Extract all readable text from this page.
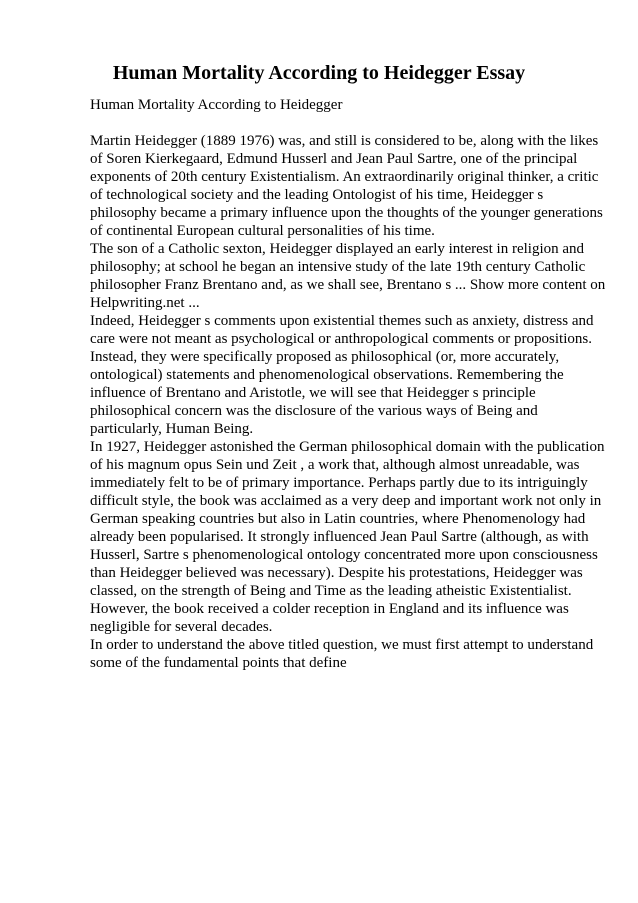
Human Mortality According to Heidegger Essay
Human Mortality According to Heidegger
Martin Heidegger (1889 1976) was, and still is considered to be, along with the likes
of Soren Kierkegaard, Edmund Husserl and Jean Paul Sartre, one of the principal
exponents of 20th century Existentialism. An extraordinarily original thinker, a critic
of technological society and the leading Ontologist of his time, Heidegger s
philosophy became a primary influence upon the thoughts of the younger generations
of continental European cultural personalities of his time.
The son of a Catholic sexton, Heidegger displayed an early interest in religion and
philosophy; at school he began an intensive study of the late 19th century Catholic
philosopher Franz Brentano and, as we shall see, Brentano s ... Show more content on
Helpwriting.net ...
Indeed, Heidegger s comments upon existential themes such as anxiety, distress and
care were not meant as psychological or anthropological comments or propositions.
Instead, they were specifically proposed as philosophical (or, more accurately,
ontological) statements and phenomenological observations. Remembering the
influence of Brentano and Aristotle, we will see that Heidegger s principle
philosophical concern was the disclosure of the various ways of Being and
particularly, Human Being.
In 1927, Heidegger astonished the German philosophical domain with the publication
of his magnum opus Sein und Zeit , a work that, although almost unreadable, was
immediately felt to be of primary importance. Perhaps partly due to its intriguingly
difficult style, the book was acclaimed as a very deep and important work not only in
German speaking countries but also in Latin countries, where Phenomenology had
already been popularised. It strongly influenced Jean Paul Sartre (although, as with
Husserl, Sartre s phenomenological ontology concentrated more upon consciousness
than Heidegger believed was necessary). Despite his protestations, Heidegger was
classed, on the strength of Being and Time as the leading atheistic Existentialist.
However, the book received a colder reception in England and its influence was
negligible for several decades.
In order to understand the above titled question, we must first attempt to understand
some of the fundamental points that define
